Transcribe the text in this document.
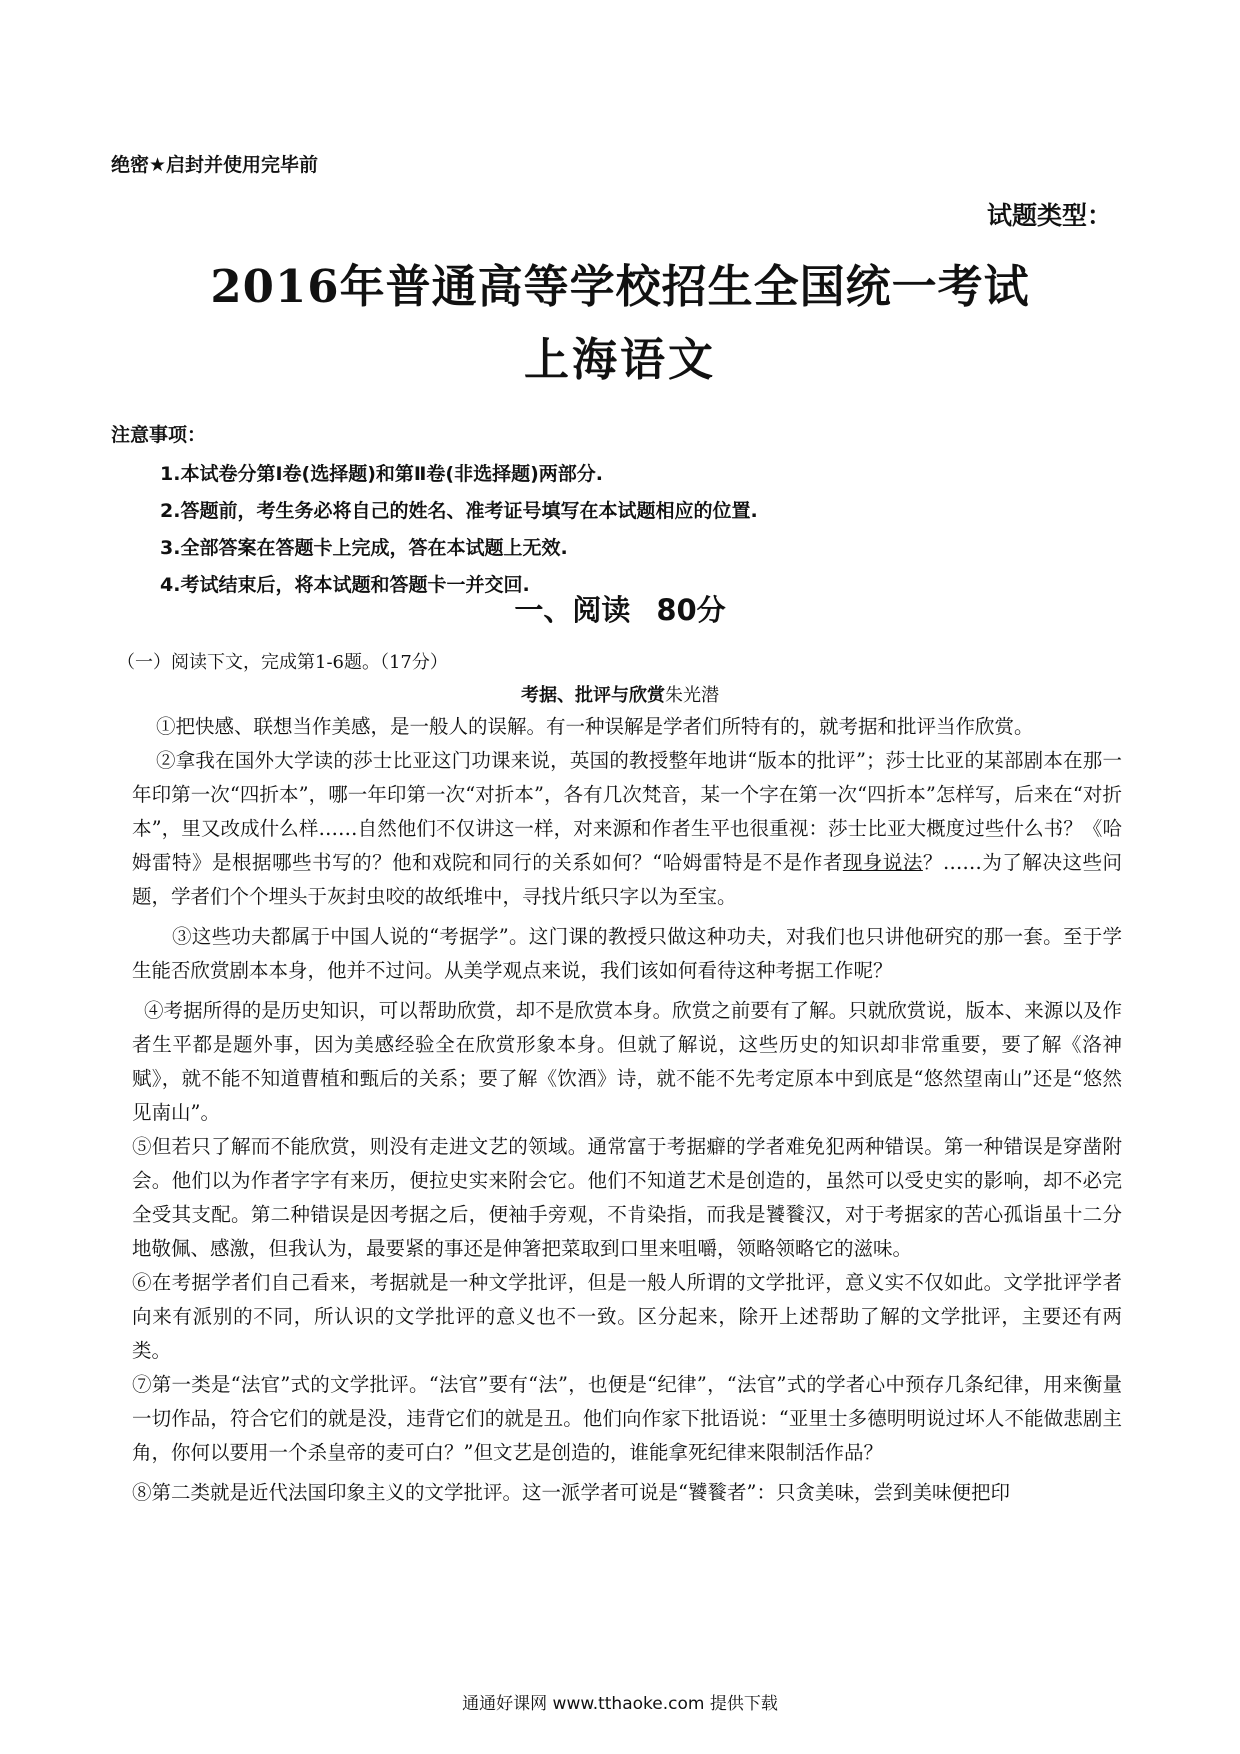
绝密★启封并使用完毕前
试题类型：
2016年普通高等学校招生全国统一考试
上海语文
注意事项：
1.本试卷分第Ⅰ卷(选择题)和第Ⅱ卷(非选择题)两部分.
2.答题前，考生务必将自己的姓名、准考证号填写在本试题相应的位置.
3.全部答案在答题卡上完成，答在本试题上无效.
4.考试结束后，将本试题和答题卡一并交回.
一、阅读 80分
（一）阅读下文，完成第1-6题。（17分）
考据、批评与欣赏朱光潜

①把快感、联想当作美感，是一般人的误解。有一种误解是学者们所特有的，就考据和批评当作欣赏。

②拿我在国外大学读的莎士比亚这门功课来说，英国的教授整年地讲“版本的批评”；莎士比亚的某部剧本在那一年印第一次“四折本”，哪一年印第一次“对折本”，各有几次梵音，某一个字在第一次“四折本”怎样写，后来在“对折本”，里又改成什么样……自然他们不仅讲这一样，对来源和作者生平也很重视：莎士比亚大概度过些什么书？《哈姆雷特》是根据哪些书写的？他和戏院和同行的关系如何？“哈姆雷特是不是作者现身说法？……为了解决这些问题，学者们个个埋头于灰封虫咬的故纸堆中，寻找片纸只字以为至宝。

③这些功夫都属于中国人说的“考据学”。这门课的教授只做这种功夫，对我们也只讲他研究的那一套。至于学生能否欣赏剧本本身，他并不过问。从美学观点来说，我们该如何看待这种考据工作呢？

④考据所得的是历史知识，可以帮助欣赏，却不是欣赏本身。欣赏之前要有了解。只就欣赏说，版本、来源以及作者生平都是题外事，因为美感经验全在欣赏形象本身。但就了解说，这些历史的知识却非常重要，要了解《洛神赋》，就不能不知道曹植和甄后的关系；要了解《饮酒》诗，就不能不先考定原本中到底是“悠然望南山”还是“悠然见南山”。

⑤但若只了解而不能欣赏，则没有走进文艺的领域。通常富于考据癖的学者难免犯两种错误。第一种错误是穿凿附会。他们以为作者字字有来历，便拉史实来附会它。他们不知道艺术是创造的，虽然可以受史实的影响，却不必完全受其支配。第二种错误是因考据之后，便袖手旁观，不肯染指，而我是饕餮汉，对于考据家的苦心孤诣虽十二分地敬佩、感激，但我认为，最要紧的事还是伸箸把菜取到口里来咀嚼，领略领略它的滋味。

⑥在考据学者们自己看来，考据就是一种文学批评，但是一般人所谓的文学批评，意义实不仅如此。文学批评学者向来有派别的不同，所认识的文学批评的意义也不一致。区分起来，除开上述帮助了解的文学批评，主要还有两类。

⑦第一类是“法官”式的文学批评。“法官”要有“法”，也便是“纪律”，“法官”式的学者心中预存几条纪律，用来衡量一切作品，符合它们的就是没，违背它们的就是丑。他们向作家下批语说：“亚里士多德明明说过坏人不能做悲剧主角，你何以要用一个杀皇帝的麦可白？”但文艺是创造的，谁能拿死纪律来限制活作品？

⑧第二类就是近代法国印象主义的文学批评。这一派学者可说是“饕餮者”：只贪美味，尝到美味便把印

通通好课网 www.tthaoke.com 提供下载
